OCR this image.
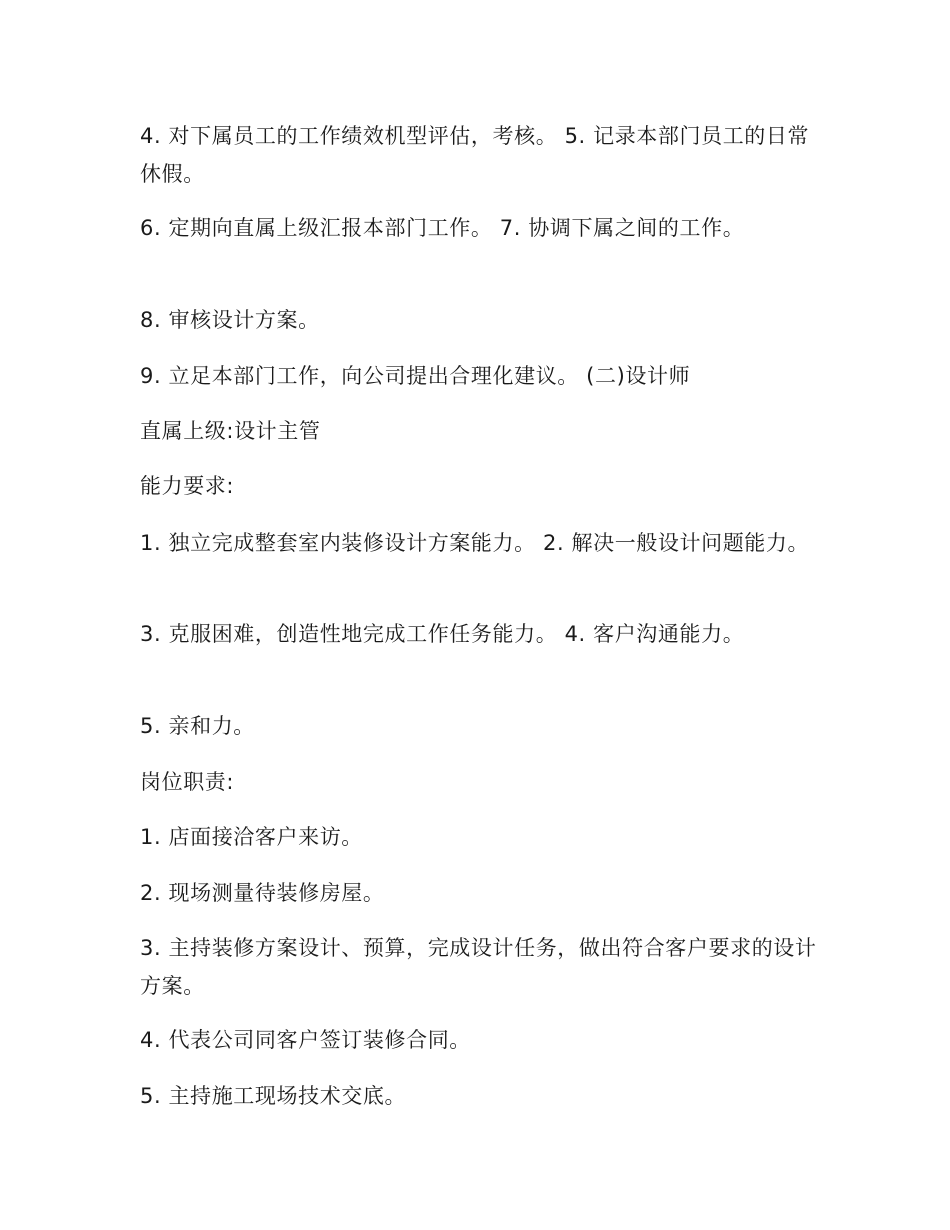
4. 对下属员工的工作绩效机型评估，考核。 5. 记录本部门员工的日常休假。

6. 定期向直属上级汇报本部门工作。 7. 协调下属之间的工作。

8. 审核设计方案。

9. 立足本部门工作，向公司提出合理化建议。 (二)设计师

直属上级:设计主管

能力要求:

1. 独立完成整套室内装修设计方案能力。 2. 解决一般设计问题能力。

3. 克服困难，创造性地完成工作任务能力。 4. 客户沟通能力。

5. 亲和力。

岗位职责:

1. 店面接洽客户来访。

2. 现场测量待装修房屋。

3. 主持装修方案设计、预算，完成设计任务，做出符合客户要求的设计方案。

4. 代表公司同客户签订装修合同。

5. 主持施工现场技术交底。
